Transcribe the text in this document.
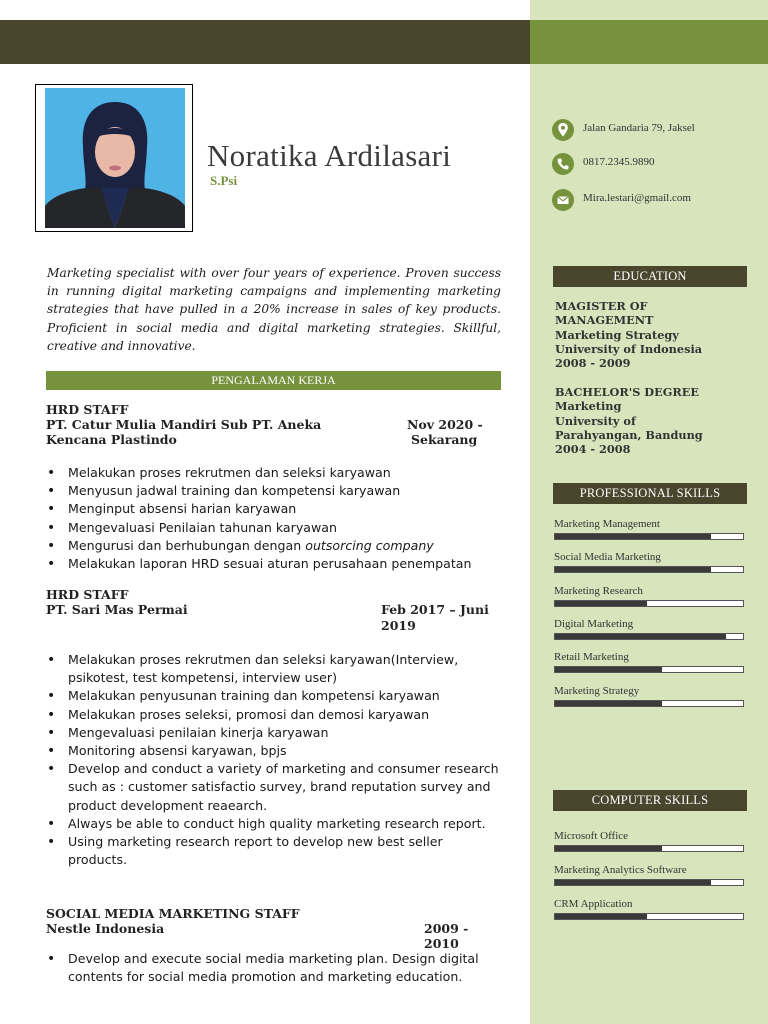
Noratika Ardilasari
S.Psi
Marketing specialist with over four years of experience. Proven success in running digital marketing campaigns and implementing marketing strategies that have pulled in a 20% increase in sales of key products. Proficient in social media and digital marketing strategies. Skillful, creative and innovative.
PENGALAMAN KERJA
HRD STAFF
PT. Catur Mulia Mandiri Sub PT. Aneka Kencana Plastindo
Nov 2020 -
Sekarang
• Melakukan proses rekrutmen dan seleksi karyawan
• Menyusun jadwal training dan kompetensi karyawan
• Menginput absensi harian karyawan
• Mengevaluasi Penilaian tahunan karyawan
• Mengurusi dan berhubungan dengan outsorcing company
• Melakukan laporan HRD sesuai aturan perusahaan penempatan
HRD STAFF
PT. Sari Mas Permai	Feb 2017 – Juni
2019
• Melakukan proses rekrutmen dan seleksi karyawan(Interview, psikotest, test kompetensi, interview user)
• Melakukan penyusunan training dan kompetensi karyawan
• Melakukan proses seleksi, promosi dan demosi karyawan
• Mengevaluasi penilaian kinerja karyawan
• Monitoring absensi karyawan, bpjs
• Develop and conduct a variety of marketing and consumer research such as : customer satisfactio survey, brand reputation survey and product development reaearch.
• Always be able to conduct high quality marketing research report.
• Using marketing research report to develop new best seller products.
SOCIAL MEDIA MARKETING STAFF
Nestle Indonesia	2009 - 2010
• Develop and execute social media marketing plan. Design digital contents for social media promotion and marketing education.
Jalan Gandaria 79, Jaksel
0817.2345.9890
Mira.lestari@gmail.com
EDUCATION
MAGISTER OF MANAGEMENT
Marketing Strategy
University of Indonesia
2008 - 2009
BACHELOR'S DEGREE
Marketing
University of Parahyangan, Bandung
2004 - 2008
PROFESSIONAL SKILLS
Marketing Management
Social Media Marketing
Marketing Research
Digital Marketing
Retail Marketing
Marketing Strategy
COMPUTER SKILLS
Microsoft Office
Marketing Analytics Software
CRM Application
